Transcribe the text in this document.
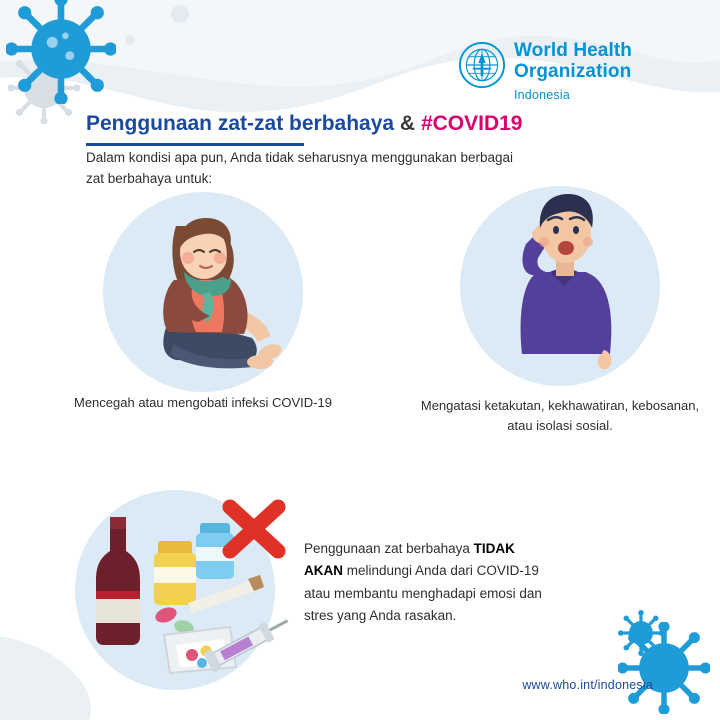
World Health
Organization
Indonesia
Penggunaan zat-zat berbahaya & #COVID19
Dalam kondisi apa pun, Anda tidak seharusnya menggunakan berbagai zat berbahaya untuk:
Mencegah atau mengobati infeksi COVID-19	Mengatasi ketakutan, kekhawatiran, kebosanan, atau isolasi sosial.
Penggunaan zat berbahaya TIDAK AKAN melindungi Anda dari COVID-19 atau membantu menghadapi emosi dan stres yang Anda rasakan.
www.who.int/indonesia
